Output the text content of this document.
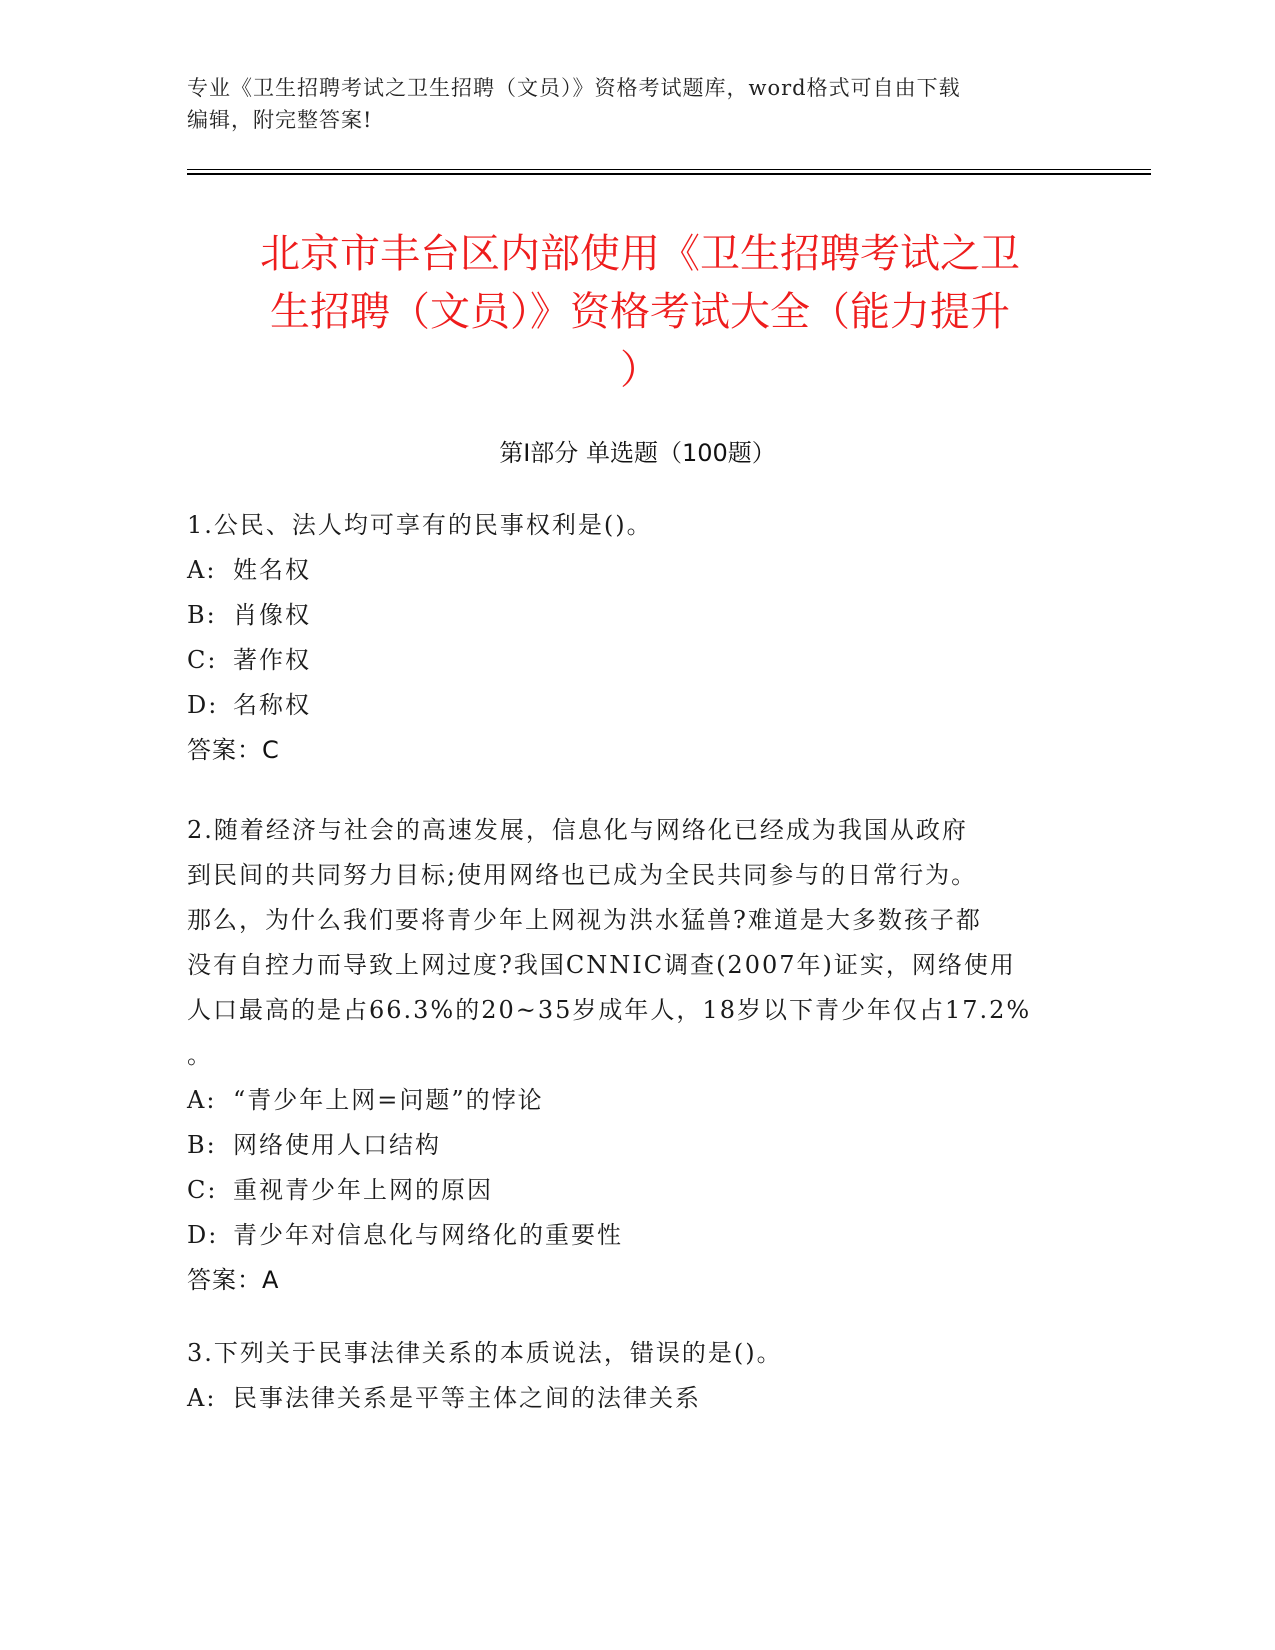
专业《卫生招聘考试之卫生招聘（文员）》资格考试题库，word格式可自由下载
编辑，附完整答案!
北京市丰台区内部使用《卫生招聘考试之卫
生招聘（文员）》资格考试大全（能力提升
）
第Ⅰ部分 单选题（100题）
1.公民、法人均可享有的民事权利是()。
A: 姓名权
B: 肖像权
C: 著作权
D: 名称权
答案：C
2.随着经济与社会的高速发展，信息化与网络化已经成为我国从政府
到民间的共同努力目标;使用网络也已成为全民共同参与的日常行为。
那么，为什么我们要将青少年上网视为洪水猛兽?难道是大多数孩子都
没有自控力而导致上网过度?我国CNNIC调查(2007年)证实，网络使用
人口最高的是占66.3%的20~35岁成年人，18岁以下青少年仅占17.2%
。
A: “青少年上网=问题”的悖论
B: 网络使用人口结构
C: 重视青少年上网的原因
D: 青少年对信息化与网络化的重要性
答案：A
3.下列关于民事法律关系的本质说法，错误的是()。
A: 民事法律关系是平等主体之间的法律关系
